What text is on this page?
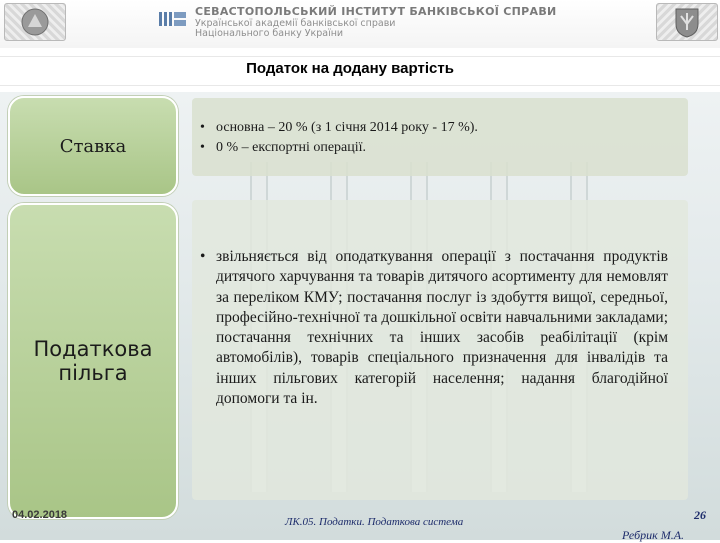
СЕВАСТОПОЛЬСЬКИЙ ІНСТИТУТ БАНКІВСЬКОЇ СПРАВИ
Української академії банківської справи
Національного банку України
Податок на додану вартість
Ставка
Податкова пільга
• основна – 20 % (з 1 січня 2014 року - 17 %).
• 0 % – експортні операції.
• звільняється від оподаткування операції з постачання продуктів дитячого харчування та товарів дитячого асортименту для немовлят за переліком КМУ; постачання послуг із здобуття вищої, середньої, професійно-технічної та дошкільної освіти навчальними закладами; постачання технічних та інших засобів реабілітації (крім автомобілів), товарів спеціального призначення для інвалідів та інших пільгових категорій населення; надання благодійної допомоги та ін.
04.02.2018
ЛК.05. Податки. Податкова система	26
Ребрик М.А.
